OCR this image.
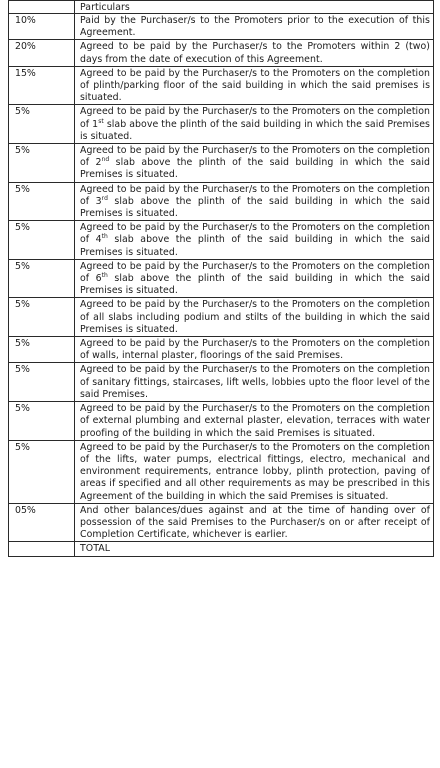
	Particulars
10%	Paid by the Purchaser/s to the Promoters prior to the execution of this Agreement.
20%	Agreed to be paid by the Purchaser/s to the Promoters within 2 (two) days from the date of execution of this Agreement.
15%	Agreed to be paid by the Purchaser/s to the Promoters on the completion of plinth/parking floor of the said building in which the said premises is situated.
5%	Agreed to be paid by the Purchaser/s to the Promoters on the completion of 1st slab above the plinth of the said building in which the said Premises is situated.
5%	Agreed to be paid by the Purchaser/s to the Promoters on the completion of 2nd slab above the plinth of the said building in which the said Premises is situated.
5%	Agreed to be paid by the Purchaser/s to the Promoters on the completion of 3rd slab above the plinth of the said building in which the said Premises is situated.
5%	Agreed to be paid by the Purchaser/s to the Promoters on the completion of 4th slab above the plinth of the said building in which the said Premises is situated.
5%	Agreed to be paid by the Purchaser/s to the Promoters on the completion of 6th slab above the plinth of the said building in which the said Premises is situated.
5%	Agreed to be paid by the Purchaser/s to the Promoters on the completion of all slabs including podium and stilts of the building in which the said Premises is situated.
5%	Agreed to be paid by the Purchaser/s to the Promoters on the completion of walls, internal plaster, floorings of the said Premises.
5%	Agreed to be paid by the Purchaser/s to the Promoters on the completion of sanitary fittings, staircases, lift wells, lobbies upto the floor level of the said Premises.
5%	Agreed to be paid by the Purchaser/s to the Promoters on the completion of external plumbing and external plaster, elevation, terraces with water proofing of the building in which the said Premises is situated.
5%	Agreed to be paid by the Purchaser/s to the Promoters on the completion of the lifts, water pumps, electrical fittings, electro, mechanical and environment requirements, entrance lobby, plinth protection, paving of areas if specified and all other requirements as may be prescribed in this Agreement of the building in which the said Premises is situated.
05%	And other balances/dues against and at the time of handing over of possession of the said Premises to the Purchaser/s on or after receipt of Completion Certificate, whichever is earlier.
	TOTAL
